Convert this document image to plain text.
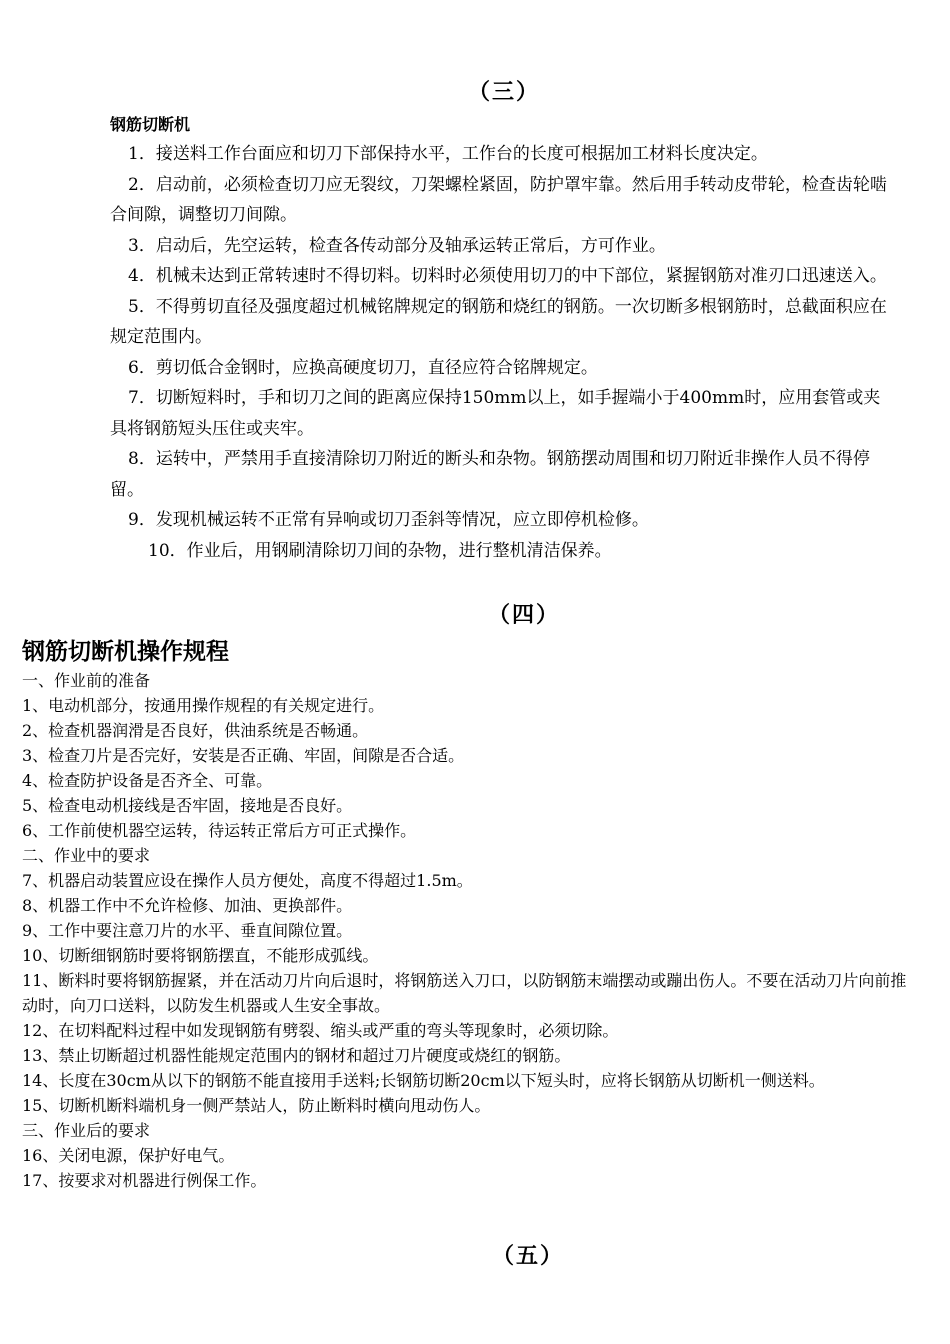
（三）
钢筋切断机

1．接送料工作台面应和切刀下部保持水平，工作台的长度可根据加工材料长度决定。

2．启动前，必须检查切刀应无裂纹，刀架螺栓紧固，防护罩牢靠。然后用手转动皮带轮，检查齿轮啮合间隙，调整切刀间隙。

3．启动后，先空运转，检查各传动部分及轴承运转正常后，方可作业。

4．机械未达到正常转速时不得切料。切料时必须使用切刀的中下部位，紧握钢筋对准刃口迅速送入。

5．不得剪切直径及强度超过机械铭牌规定的钢筋和烧红的钢筋。一次切断多根钢筋时，总截面积应在规定范围内。

6．剪切低合金钢时，应换高硬度切刀，直径应符合铭牌规定。

7．切断短料时，手和切刀之间的距离应保持150mm以上，如手握端小于400mm时，应用套管或夹具将钢筋短头压住或夹牢。

8．运转中，严禁用手直接清除切刀附近的断头和杂物。钢筋摆动周围和切刀附近非操作人员不得停留。

9．发现机械运转不正常有异响或切刀歪斜等情况，应立即停机检修。

10．作业后，用钢刷清除切刀间的杂物，进行整机清洁保养。

（四）
钢筋切断机操作规程
一、作业前的准备
1、电动机部分，按通用操作规程的有关规定进行。
2、检查机器润滑是否良好，供油系统是否畅通。
3、检查刀片是否完好，安装是否正确、牢固，间隙是否合适。
4、检查防护设备是否齐全、可靠。
5、检查电动机接线是否牢固，接地是否良好。
6、工作前使机器空运转，待运转正常后方可正式操作。
二、作业中的要求
7、机器启动装置应设在操作人员方便处，高度不得超过1.5m。
8、机器工作中不允许检修、加油、更换部件。
9、工作中要注意刀片的水平、垂直间隙位置。
10、切断细钢筋时要将钢筋摆直，不能形成弧线。
11、断料时要将钢筋握紧，并在活动刀片向后退时，将钢筋送入刀口，以防钢筋末端摆动或蹦出伤人。不要在活动刀片向前推动时，向刀口送料，以防发生机器或人生安全事故。
12、在切料配料过程中如发现钢筋有劈裂、缩头或严重的弯头等现象时，必须切除。
13、禁止切断超过机器性能规定范围内的钢材和超过刀片硬度或烧红的钢筋。
14、长度在30cm从以下的钢筋不能直接用手送料;长钢筋切断20cm以下短头时，应将长钢筋从切断机一侧送料。
15、切断机断料端机身一侧严禁站人，防止断料时横向甩动伤人。
三、作业后的要求
16、关闭电源，保护好电气。
17、按要求对机器进行例保工作。
（五）
